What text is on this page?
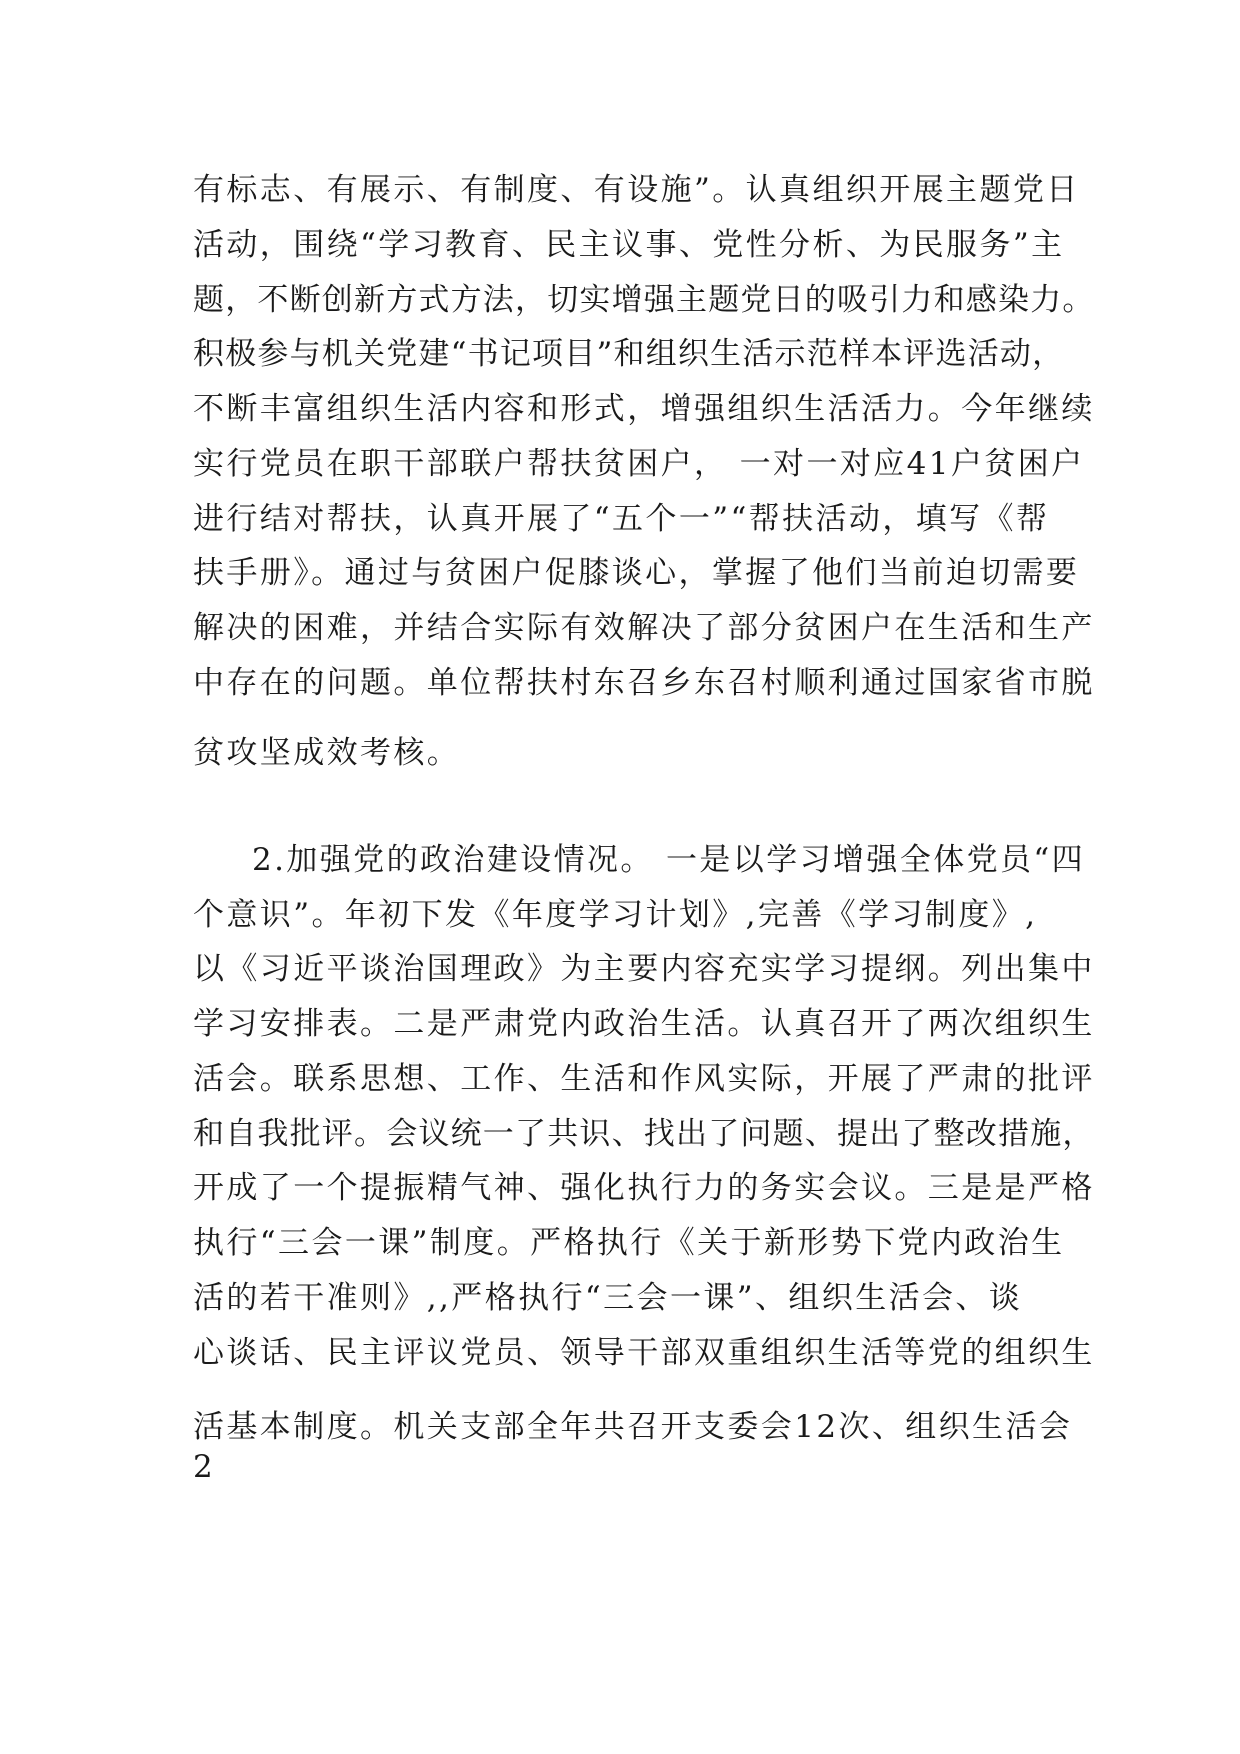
有标志、有展示、有制度、有设施”。认真组织开展主题党日
活动，围绕“学习教育、民主议事、党性分析、为民服务”主
题，不断创新方式方法，切实增强主题党日的吸引力和感染力。
积极参与机关党建“书记项目”和组织生活示范样本评选活动，
不断丰富组织生活内容和形式，增强组织生活活力。今年继续
实行党员在职干部联户帮扶贫困户， 一对一对应41户贫困户
进行结对帮扶，认真开展了“五个一”“帮扶活动，填写《帮
扶手册》。通过与贫困户促膝谈心，掌握了他们当前迫切需要
解决的困难，并结合实际有效解决了部分贫困户在生活和生产
中存在的问题。单位帮扶村东召乡东召村顺利通过国家省市脱
贫攻坚成效考核。
2.加强党的政治建设情况。 一是以学习增强全体党员“四
个意识”。年初下发《年度学习计划》,完善《学习制度》,
以《习近平谈治国理政》为主要内容充实学习提纲。列出集中
学习安排表。二是严肃党内政治生活。认真召开了两次组织生
活会。联系思想、工作、生活和作风实际，开展了严肃的批评
和自我批评。会议统一了共识、找出了问题、提出了整改措施，
开成了一个提振精气神、强化执行力的务实会议。三是是严格
执行“三会一课”制度。严格执行《关于新形势下党内政治生
活的若干准则》,,严格执行“三会一课”、组织生活会、谈
心谈话、民主评议党员、领导干部双重组织生活等党的组织生
活基本制度。机关支部全年共召开支委会12次、组织生活会
2
